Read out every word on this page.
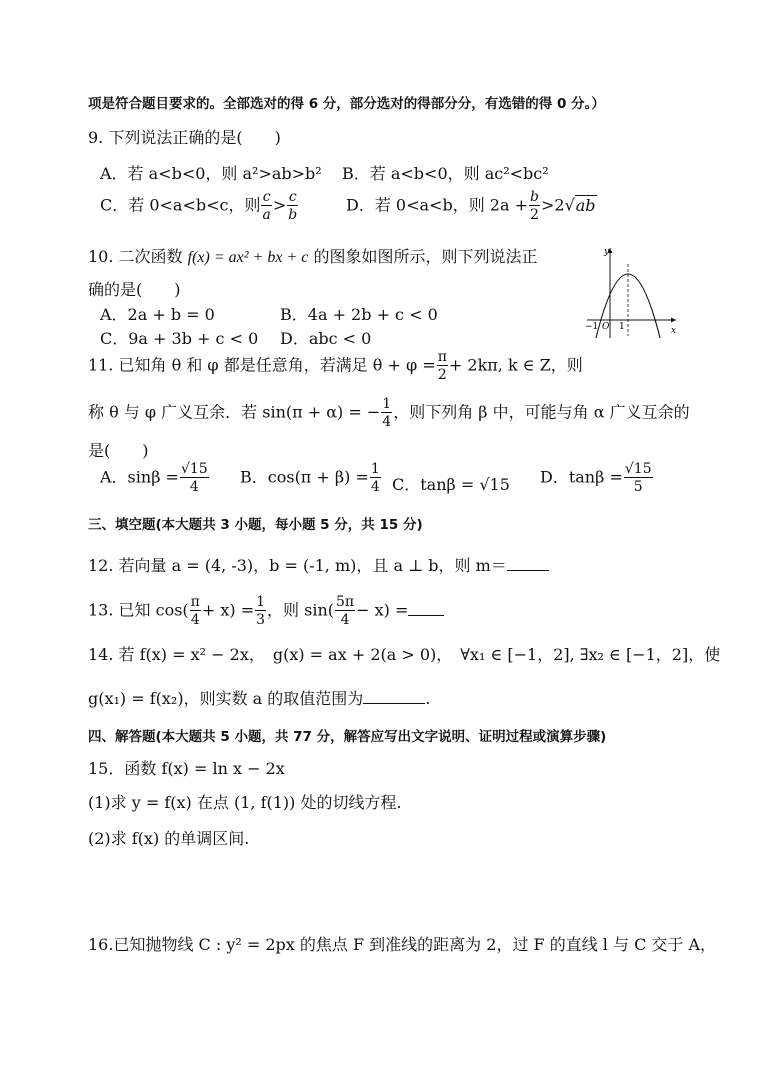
项是符合题目要求的。全部选对的得 6 分，部分选对的得部分分，有选错的得 0 分。）
9. 下列说法正确的是(　　)
A．若 a<b<0，则 a²>ab>b² B．若 a<b<0，则 ac²<bc²
C．若 0<a<b<c，则 $\frac{c}{a} > \frac{c}{b}$	D．若 0<a<b，则 $2a + \frac{b}{2} >2√ab$
10. 二次函数 f(x) = ax² + bx + c 的图象如图所示，则下列说法正
确的是(　　)
A．2a + b = 0	B．4a + 2b + c < 0
C．9a + 3b + c < 0 D．abc < 0
y
x
−1 O 1
11. 已知角 θ 和 φ 都是任意角，若满足 $\theta + \varphi = \frac{\pi}{2} + 2k\pi$, k ∈ Z，则
称 θ 与 φ 广义互余．若 sin(π + α) = − $\frac{1}{4}$ ，则下列角 β 中，可能与角 α 广义互余的
是(　　)
A．$\sin\beta = \frac{√15}{4}$ B．$\cos(\pi + \beta) = \frac{1}{4}$ C．tanβ = √15 D．$\tan\beta = \frac{√15}{5}$
三、填空题(本大题共 3 小题，每小题 5 分，共 15 分)
12. 若向量 a = (4, -3)，b = (-1, m)，且 a ⊥ b，则 m＝
13. 已知 $\cos( \frac{\pi}{4} + x) = \frac{1}{3}$ ，则 $\sin( \frac{5\pi}{4} - x)$ =
14. 若 f(x) = x² − 2x，　g(x) = ax + 2(a > 0)，　∀x₁ ∈ [−1，2], ∃x₂ ∈ [−1，2]，使
g(x₁) = f(x₂)，则实数 a 的取值范围为	.
四、解答题(本大题共 5 小题，共 77 分，解答应写出文字说明、证明过程或演算步骤)
15．函数 f(x) = ln x − 2x
(1)求 y = f(x) 在点 (1, f(1)) 处的切线方程.
(2)求 f(x) 的单调区间.
16.已知抛物线 C : y² = 2px 的焦点 F 到准线的距离为 2，过 F 的直线 l 与 C 交于 A，
